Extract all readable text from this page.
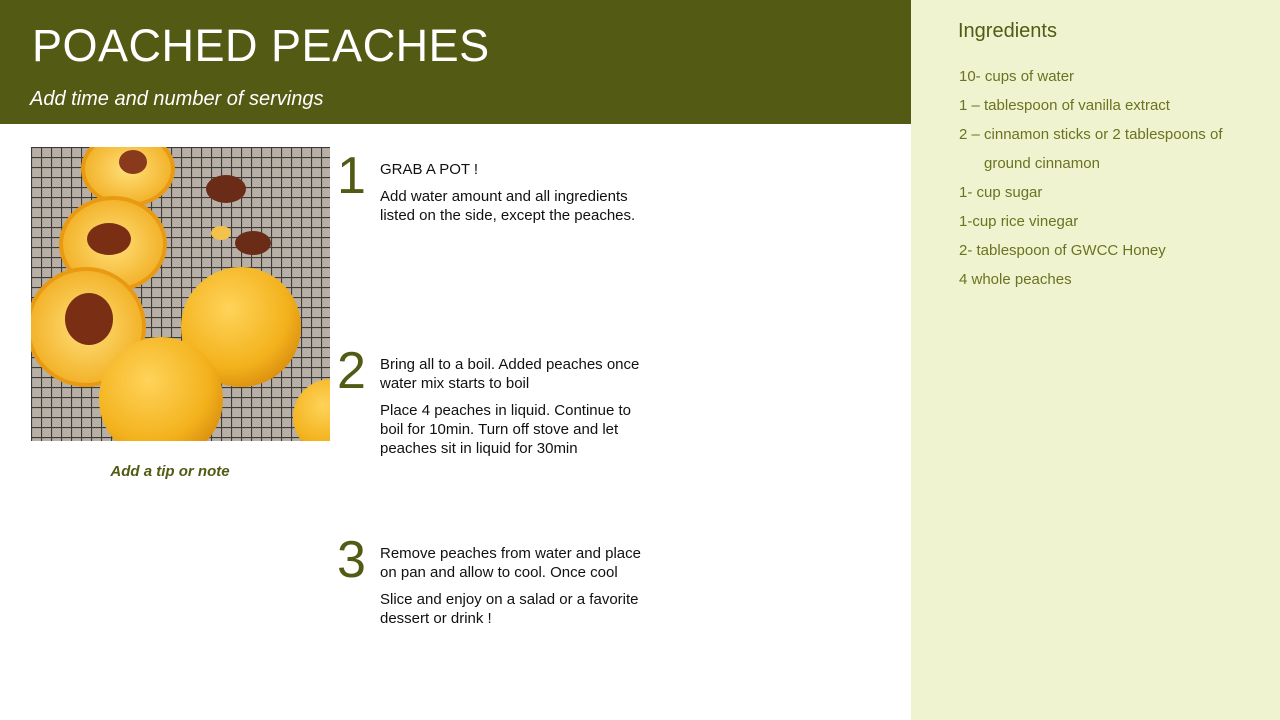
POACHED PEACHES
Add time and number of servings
Ingredients
10- cups of water
1 – tablespoon of vanilla extract
2 – cinnamon sticks or 2 tablespoons of
ground cinnamon
1- cup sugar
1-cup rice vinegar
2- tablespoon of GWCC Honey
4 whole peaches
Add a tip or note
1 GRAB A POT !

Add water amount and all ingredients listed on the side, except the peaches.

2 Bring all to a boil. Added peaches once water mix starts to boil

Place 4 peaches in liquid. Continue to boil for 10min. Turn off stove and let peaches sit in liquid for 30min

3 Remove peaches from water and place on pan and allow to cool. Once cool

Slice and enjoy on a salad or a favorite dessert or drink !
